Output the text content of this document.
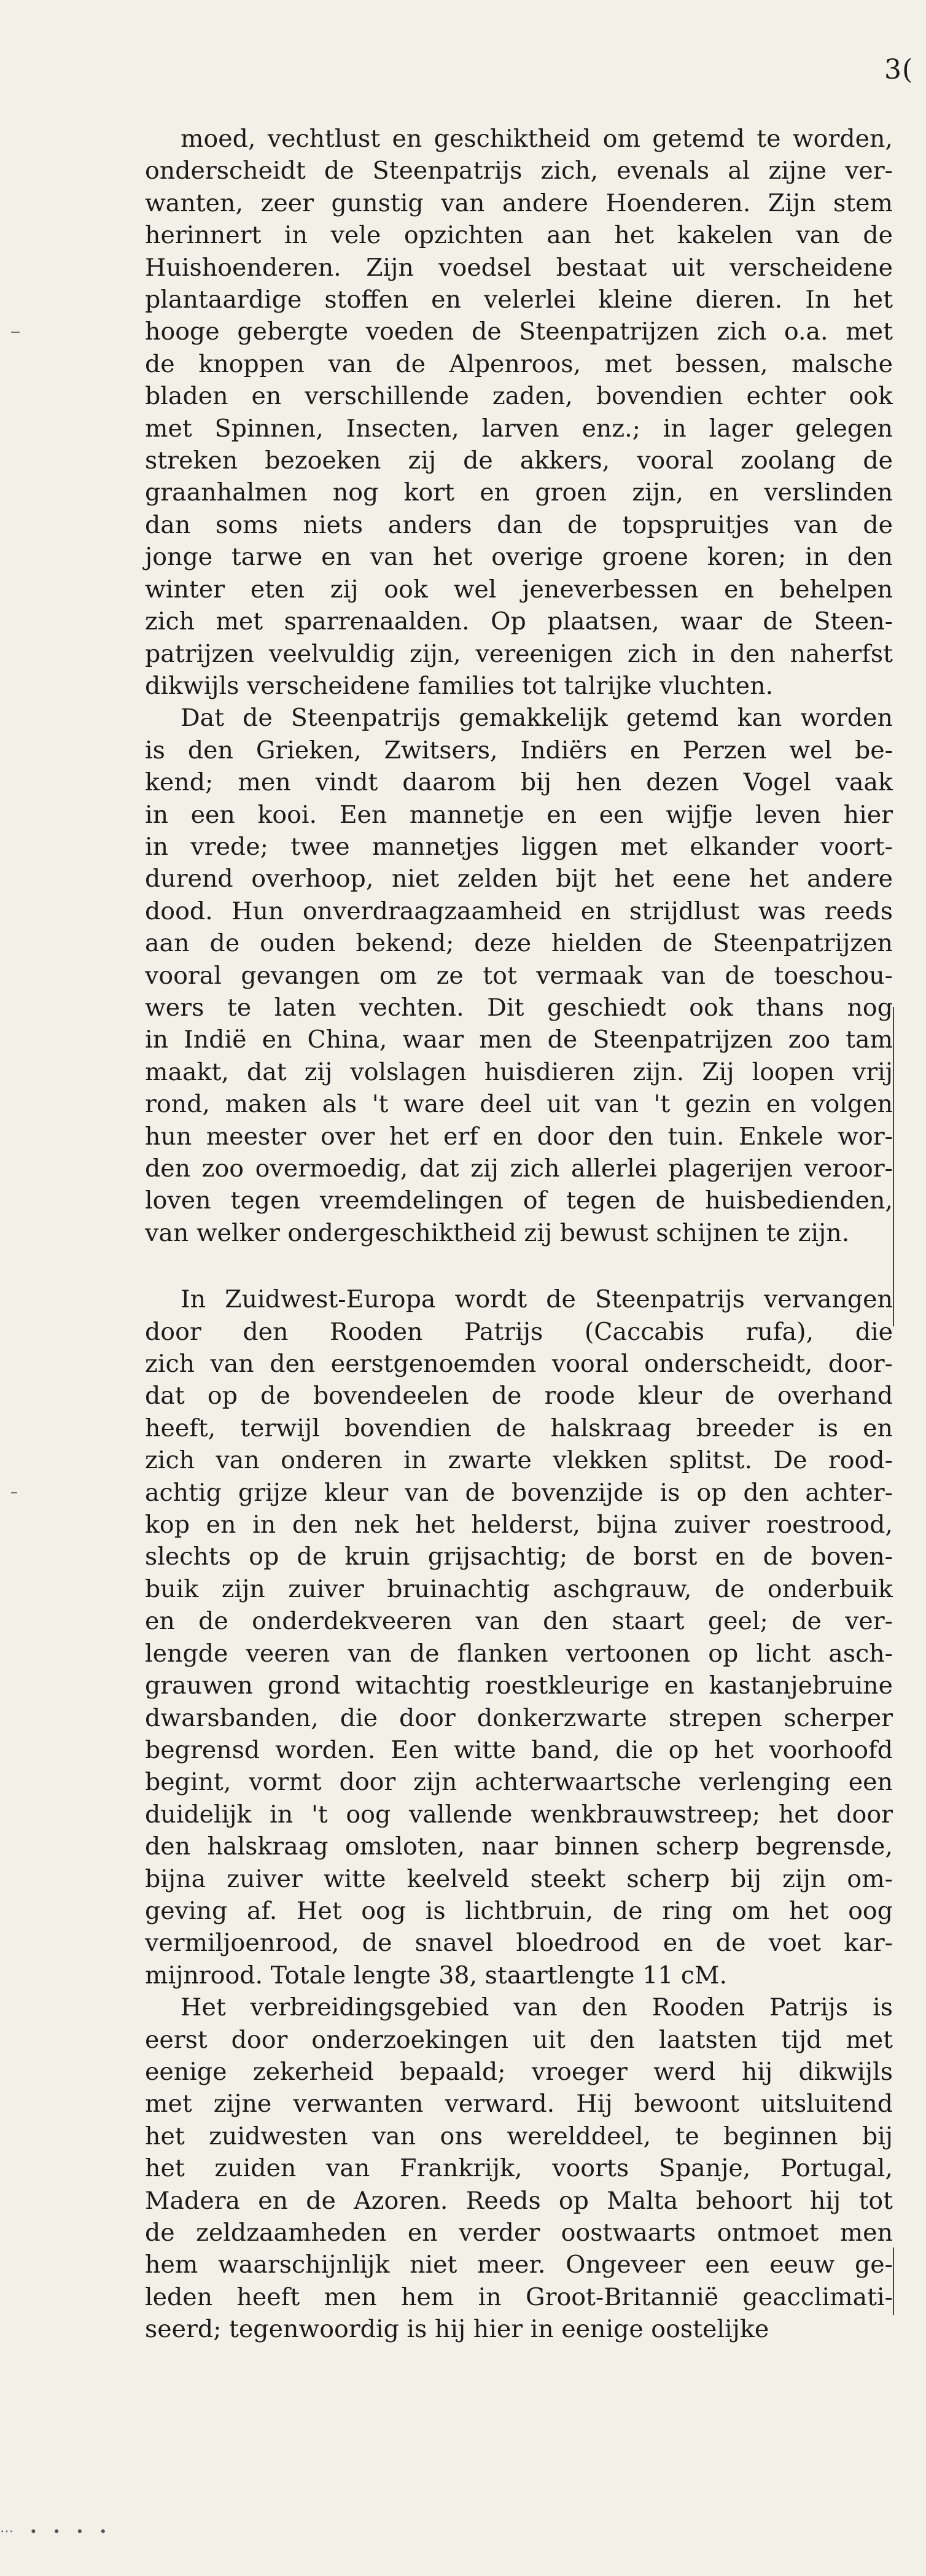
3(
moed, vechtlust en geschiktheid om getemd te worden,
onderscheidt de Steenpatrijs zich, evenals al zijne ver-
wanten, zeer gunstig van andere Hoenderen. Zijn stem
herinnert in vele opzichten aan het kakelen van de
Huishoenderen. Zijn voedsel bestaat uit verscheidene
plantaardige stoffen en velerlei kleine dieren. In het
hooge gebergte voeden de Steenpatrijzen zich o.a. met
de knoppen van de Alpenroos, met bessen, malsche
bladen en verschillende zaden, bovendien echter ook
met Spinnen, Insecten, larven enz.; in lager gelegen
streken bezoeken zij de akkers, vooral zoolang de
graanhalmen nog kort en groen zijn, en verslinden
dan soms niets anders dan de topspruitjes van de
jonge tarwe en van het overige groene koren; in den
winter eten zij ook wel jeneverbessen en behelpen
zich met sparrenaalden. Op plaatsen, waar de Steen-
patrijzen veelvuldig zijn, vereenigen zich in den naherfst
dikwijls verscheidene families tot talrijke vluchten.
Dat de Steenpatrijs gemakkelijk getemd kan worden
is den Grieken, Zwitsers, Indiërs en Perzen wel be-
kend; men vindt daarom bij hen dezen Vogel vaak
in een kooi. Een mannetje en een wijfje leven hier
in vrede; twee mannetjes liggen met elkander voort-
durend overhoop, niet zelden bijt het eene het andere
dood. Hun onverdraagzaamheid en strijdlust was reeds
aan de ouden bekend; deze hielden de Steenpatrijzen
vooral gevangen om ze tot vermaak van de toeschou-
wers te laten vechten. Dit geschiedt ook thans nog
in Indië en China, waar men de Steenpatrijzen zoo tam
maakt, dat zij volslagen huisdieren zijn. Zij loopen vrij
rond, maken als 't ware deel uit van 't gezin en volgen
hun meester over het erf en door den tuin. Enkele wor-
den zoo overmoedig, dat zij zich allerlei plagerijen veroor-
loven tegen vreemdelingen of tegen de huisbedienden,
van welker ondergeschiktheid zij bewust schijnen te zijn.
In Zuidwest-Europa wordt de Steenpatrijs vervangen
door den Rooden Patrijs (Caccabis rufa), die
zich van den eerstgenoemden vooral onderscheidt, door-
dat op de bovendeelen de roode kleur de overhand
heeft, terwijl bovendien de halskraag breeder is en
zich van onderen in zwarte vlekken splitst. De rood-
achtig grijze kleur van de bovenzijde is op den achter-
kop en in den nek het helderst, bijna zuiver roestrood,
slechts op de kruin grijsachtig; de borst en de boven-
buik zijn zuiver bruinachtig aschgrauw, de onderbuik
en de onderdekveeren van den staart geel; de ver-
lengde veeren van de flanken vertoonen op licht asch-
grauwen grond witachtig roestkleurige en kastanjebruine
dwarsbanden, die door donkerzwarte strepen scherper
begrensd worden. Een witte band, die op het voorhoofd
begint, vormt door zijn achterwaartsche verlenging een
duidelijk in 't oog vallende wenkbrauwstreep; het door
den halskraag omsloten, naar binnen scherp begrensde,
bijna zuiver witte keelveld steekt scherp bij zijn om-
geving af. Het oog is lichtbruin, de ring om het oog
vermiljoenrood, de snavel bloedrood en de voet kar-
mijnrood. Totale lengte 38, staartlengte 11 cM.
Het verbreidingsgebied van den Rooden Patrijs is
eerst door onderzoekingen uit den laatsten tijd met
eenige zekerheid bepaald; vroeger werd hij dikwijls
met zijne verwanten verward. Hij bewoont uitsluitend
het zuidwesten van ons werelddeel, te beginnen bij
het zuiden van Frankrijk, voorts Spanje, Portugal,
Madera en de Azoren. Reeds op Malta behoort hij tot
de zeldzaamheden en verder oostwaarts ontmoet men
hem waarschijnlijk niet meer. Ongeveer een eeuw ge-
leden heeft men hem in Groot-Britannië geacclimati-
seerd; tegenwoordig is hij hier in eenige oostelijke
⋯ ∙ ∙ ∙ ∙
